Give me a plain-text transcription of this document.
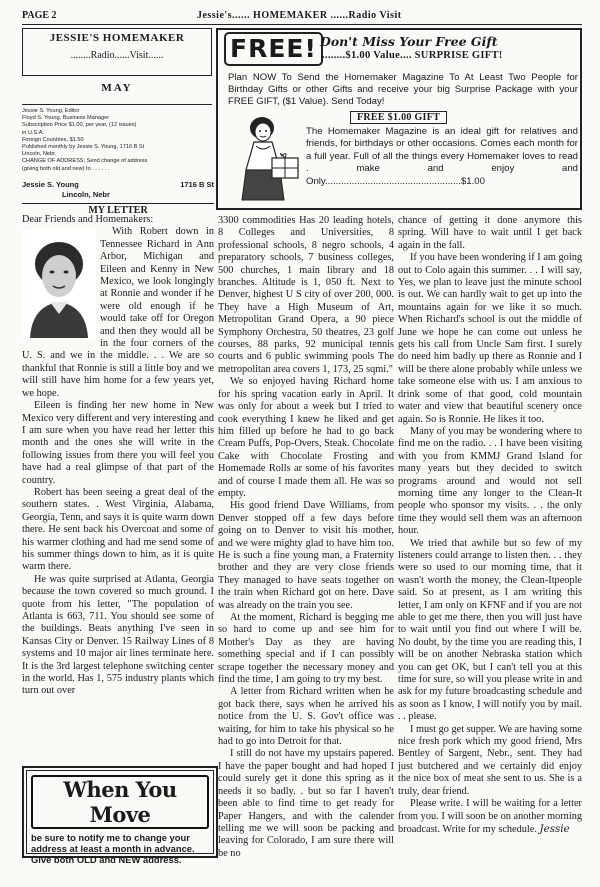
PAGE 2	Jessie's...... HOMEMAKER ......Radio Visit
JESSIE'S HOMEMAKER
........Radio......Visit......
MAY
Jessie S. Young, Editor
Floyd S. Young, Business Manager
Subscription Price $1.00, per year, (12 issues)
in U.S.A.
Foreign Countries, $1.50
Published monthly by Jessie S. Young, 1716 B St
Lincoln, Nebr.
CHANGE OF ADDRESS; Send change of address
(giving both old and new) to . . . . . .
Jessie S. Young	1716 B St
Lincoln, Nebr
MY LETTER
FREE! Don't Miss Your Free Gift
........$1.00 Value.... SURPRISE GIFT!
Plan NOW To Send the Homemaker Magazine To At Least Two People for Birthday Gifts or other Gifts and receive your big Surprise Package with your FREE GIFT, ($1 Value). Send Today!
FREE $1.00 GIFT
The Homemaker Magazine is an ideal gift for relatives and friends, for birthdays or other occasions. Comes each month for a full year. Full of all the things every Homemaker loves to read . make and enjoy and Only...................................................$1.00

Dear Friends and Homemakers:

With Robert down in Tennessee Richard in Ann Arbor, Michigan and Eileen and Kenny in New Mexico, we look longingly at Ronnie and wonder if he were old enough if he would take off for Oregon and then they would all be in the four corners of the U. S. and we in the middle. . . We are so thankful that Ronnie is still a little boy and we will still have him home for a few years yet, we hope.

Eileen is finding her new home in New Mexico very different and very interesting and I am sure when you have read her letter this month and the ones she will write in the following issues from there you will feel you have had a real glimpse of that part of the country.

Robert has been seeing a great deal of the southern states. . West Virginia, Alabama, Georgia, Tenn, and says it is quite warm down there. He sent back his Overcoat and some of his warmer clothing and had me send some of his summer things down to him, as it is quite warm there.

He was quite surprised at Atlanta, Georgia because the town covered so much ground. I quote from his letter, "The population of Atlanta is 663, 711. You should see some of the buildings. Beats anything I've seen in Kansas City or Denver. 15 Railway Lines of 8 systems and 10 major air lines terminate here. It is the 3rd largest telephone switching center in the world. Has 1, 575 industry plants which turn out over

3300 commodities Has 20 leading hotels, 8 Colleges and Universities, 8 professional schools, 8 negro schools, 4 preparatory schools, 7 business colleges, 500 churches, 1 main library and 18 branches. Altitude is 1, 050 ft. Next to Denver, highest U S city of over 200, 000. They have a High Museum of Art, Metropolitan Grand Opera, a 90 piece Symphony Orchestra, 50 theatres, 23 golf courses, 88 parks, 92 municipal tennis courts and 6 public swimming pools The metropolitan area covers 1, 173, 25 sqmi."

We so enjoyed having Richard home for his spring vacation early in April. It was only for about a week but I tried to cook everything I knew he liked and get him filled up before he had to go back Cream Puffs, Pop-Overs, Steak. Chocolate Cake with Chocolate Frosting and Homemade Rolls ar some of his favorites and of course I made them all. He was so empty.

His good friend Dave Williams, from Denver stopped off a few days before going on to Denver to visit his mother, and we were mighty glad to have him too. He is such a fine young man, a Fraternity brother and they are very close friends They managed to have seats together on the train when Richard got on here. Dave was already on the train you see.

At the moment, Richard is begging me so hard to come up and see him for Mother's Day as they are having something special and if I can possibly scrape together the necessary money and find the time, I am going to try my best.

A letter from Richard written when he got back there, says when he arrived his notice from the U. S. Gov't office was waiting, for him to take his physical so he had to go into Detroit for that.

I still do not have my upstairs papered. I have the paper bought and had hoped I could surely get it done this spring as it needs it so badly. . but so far I haven't been able to find time to get ready for Paper Hangers, and with the calender telling me we will soon be packing and leaving for Colorado, I am sure there will be no

chance of getting it done anymore this spring. Will have to wait until I get back again in the fall.

If you have been wondering if I am going out to Colo again this summer. . . I will say, Yes, we plan to leave just the minute school is out. We can hardly wait to get up into the mountains again for we like it so much. When Richard's school is out the middle of June we hope he can come out unless he gets his call from Uncle Sam first. I surely do need him badly up there as Ronnie and I will be there alone probably while unless we take someone else with us. I am anxious to drink some of that good, cold mountain water and view that beautiful scenery once again. So is Ronnie. He likes it too.

Many of you may be wondering where to find me on the radio. . . I have been visiting with you from KMMJ Grand Island for many years but they decided to switch programs around and would not sell morning time any longer to the Clean-It people who sponsor my visits. . . the only time they would sell them was an afternoon hour.

We tried that awhile but so few of my listeners could arrange to listen then. . . they were so used to our morning time, that it wasn't worth the money, the Clean-Itpeople said. So at present, as I am writing this letter, I am only on KFNF and if you are not able to get me there, then you will just have to wait until you find out where I will be. No doubt, by the time you are reading this, I will be on another Nebraska station which you can get OK, but I can't tell you at this time for sure, so will you please write in and ask for my future broadcasting schedule and as soon as I know, I will notify you by mail. . . please.

I must go get supper. We are having some nice fresh pork which my good friend, Mrs Bentley of Sargent, Nebr., sent. They had just butchered and we certainly did enjoy the nice box of meat she sent to us. She is a truly, dear friend.

Please write. I will be waiting for a letter from you. I will soon be on another morning broadcast. Write for my schedule. Jessie

When You Move
be sure to notify me to change your address at least a month in advance. Give both OLD and NEW address.
